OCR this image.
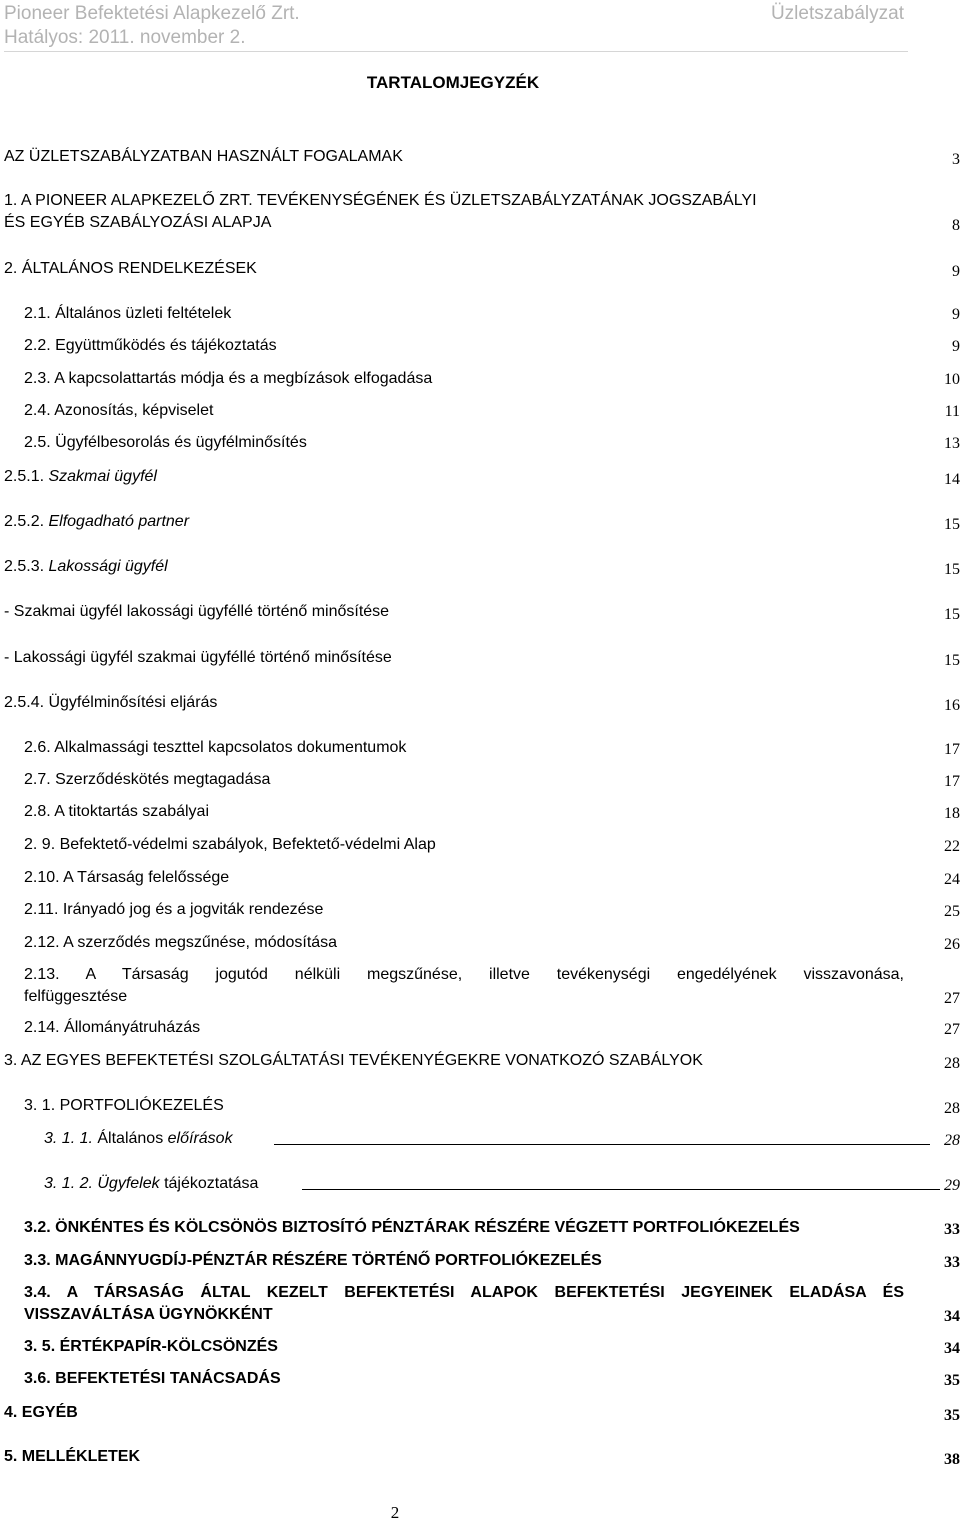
Pioneer Befektetési Alapkezelő Zrt.
Hatályos: 2011. november 2.
Üzletszabályzat
TARTALOMJEGYZÉK
AZ ÜZLETSZABÁLYZATBAN HASZNÁLT FOGALAMAK	3
1. A PIONEER ALAPKEZELŐ ZRT. TEVÉKENYSÉGÉNEK ÉS ÜZLETSZABÁLYZATÁNAK JOGSZABÁLYI
ÉS EGYÉB SZABÁLYOZÁSI ALAPJA	8
2. ÁLTALÁNOS RENDELKEZÉSEK	9
2.1. Általános üzleti feltételek	9
2.2. Együttműködés és tájékoztatás	9
2.3. A kapcsolattartás módja és a megbízások elfogadása	10
2.4. Azonosítás, képviselet	11
2.5. Ügyfélbesorolás és ügyfélminősítés	13
2.5.1. Szakmai ügyfél	14
2.5.2. Elfogadható partner	15
2.5.3. Lakossági ügyfél	15
- Szakmai ügyfél lakossági ügyféllé történő minősítése	15
- Lakossági ügyfél szakmai ügyféllé történő minősítése	15
2.5.4. Ügyfélminősítési eljárás	16
2.6. Alkalmassági teszttel kapcsolatos dokumentumok	17
2.7. Szerződéskötés megtagadása	17
2.8. A titoktartás szabályai	18
2. 9. Befektető-védelmi szabályok, Befektető-védelmi Alap	22
2.10. A Társaság felelőssége	24
2.11. Irányadó jog és a jogviták rendezése	25
2.12. A szerződés megszűnése, módosítása	26
2.13. A Társaság jogutód nélküli megszűnése, illetve tevékenységi engedélyének visszavonása,
felfüggesztése	27
2.14. Állományátruházás	27
3. AZ EGYES BEFEKTETÉSI SZOLGÁLTATÁSI TEVÉKENYÉGEKRE VONATKOZÓ SZABÁLYOK	28
3. 1. PORTFOLIÓKEZELÉS	28
3. 1. 1. Általános előírások	28
3. 1. 2. Ügyfelek tájékoztatása	29
3.2. ÖNKÉNTES ÉS KÖLCSÖNÖS BIZTOSÍTÓ PÉNZTÁRAK RÉSZÉRE VÉGZETT PORTFOLIÓKEZELÉS	33
3.3. MAGÁNNYUGDÍJ-PÉNZTÁR RÉSZÉRE TÖRTÉNŐ PORTFOLIÓKEZELÉS	33
3.4. A TÁRSASÁG ÁLTAL KEZELT BEFEKTETÉSI ALAPOK BEFEKTETÉSI JEGYEINEK ELADÁSA ÉS
VISSZAVÁLTÁSA ÜGYNÖKKÉNT	34
3. 5. ÉRTÉKPAPÍR-KÖLCSÖNZÉS	34
3.6. BEFEKTETÉSI TANÁCSADÁS	35
4. EGYÉB	35
5. MELLÉKLETEK	38
2
